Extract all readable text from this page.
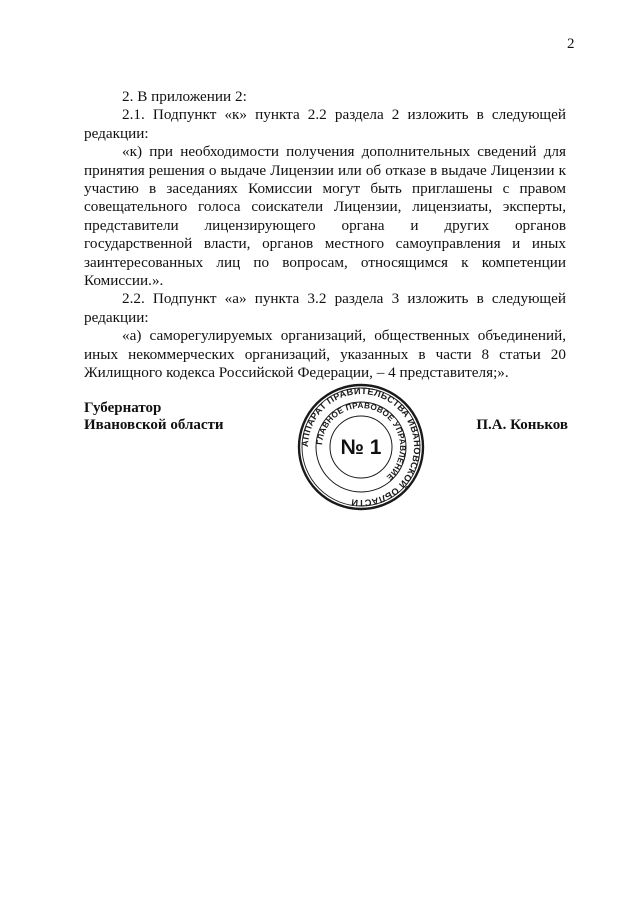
2

2. В приложении 2:

2.1. Подпункт «к» пункта 2.2 раздела 2 изложить в следующей редакции:

«к) при необходимости получения дополнительных сведений для принятия решения о выдаче Лицензии или об отказе в выдаче Лицензии к участию в заседаниях Комиссии могут быть приглашены с правом совещательного голоса соискатели Лицензии, лицензиаты, эксперты, представители лицензирующего органа и других органов государственной власти, органов местного самоуправления и иных заинтересованных лиц по вопросам, относящимся к компетенции Комиссии.».

2.2. Подпункт «а» пункта 3.2 раздела 3 изложить в следующей редакции:

«а) саморегулируемых организаций, общественных объединений, иных некоммерческих организаций, указанных в части 8 статьи 20 Жилищного кодекса Российской Федерации, – 4 представителя;».

Губернатор
Ивановской области
АППАРАТ ПРАВИТЕЛЬСТВА ИВАНОВСКОЙ ОБЛАСТИ
ГЛАВНОЕ ПРАВОВОЕ УПРАВЛЕНИЕ
№ 1
П.А. Коньков
